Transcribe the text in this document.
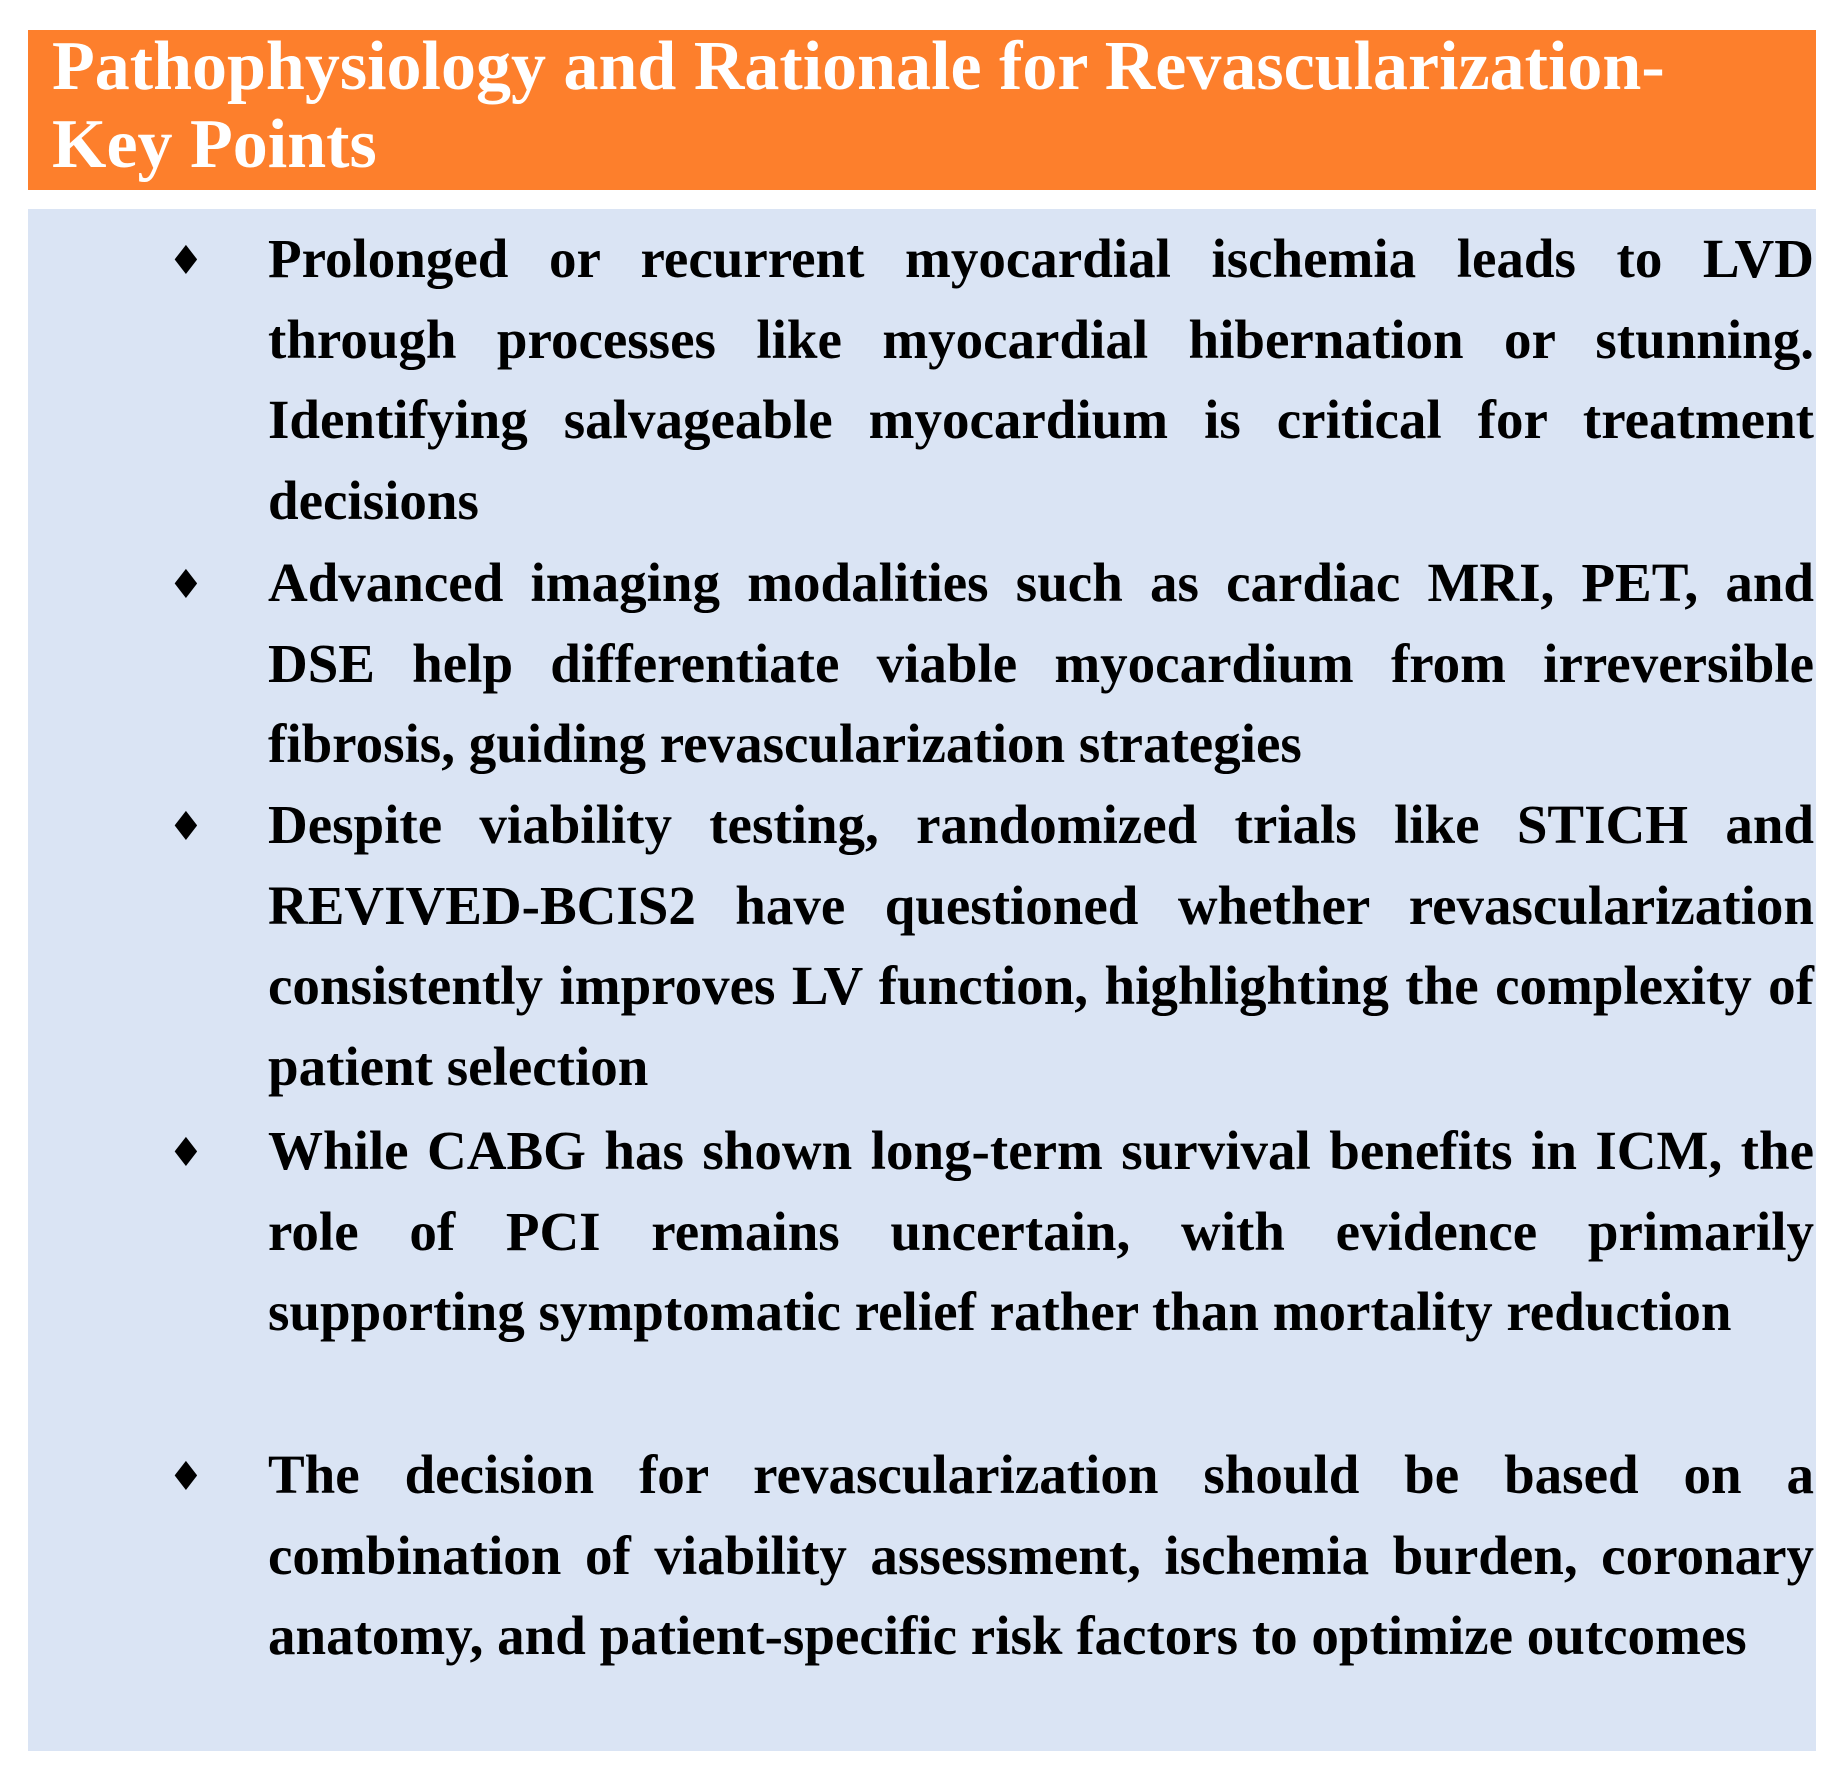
Pathophysiology and Rationale for Revascularization-
Key Points
♦ Prolonged or recurrent myocardial ischemia leads to LVD through processes like myocardial hibernation or stunning. Identifying salvageable myocardium is critical for treatment decisions
♦ Advanced imaging modalities such as cardiac MRI, PET, and DSE help differentiate viable myocardium from irreversible fibrosis, guiding revascularization strategies
♦ Despite viability testing, randomized trials like STICH and REVIVED-BCIS2 have questioned whether revascularization consistently improves LV function, highlighting the complexity of patient selection
♦ While CABG has shown long-term survival benefits in ICM, the role of PCI remains uncertain, with evidence primarily supporting symptomatic relief rather than mortality reduction
♦ The decision for revascularization should be based on a combination of viability assessment, ischemia burden, coronary anatomy, and patient-specific risk factors to optimize outcomes
